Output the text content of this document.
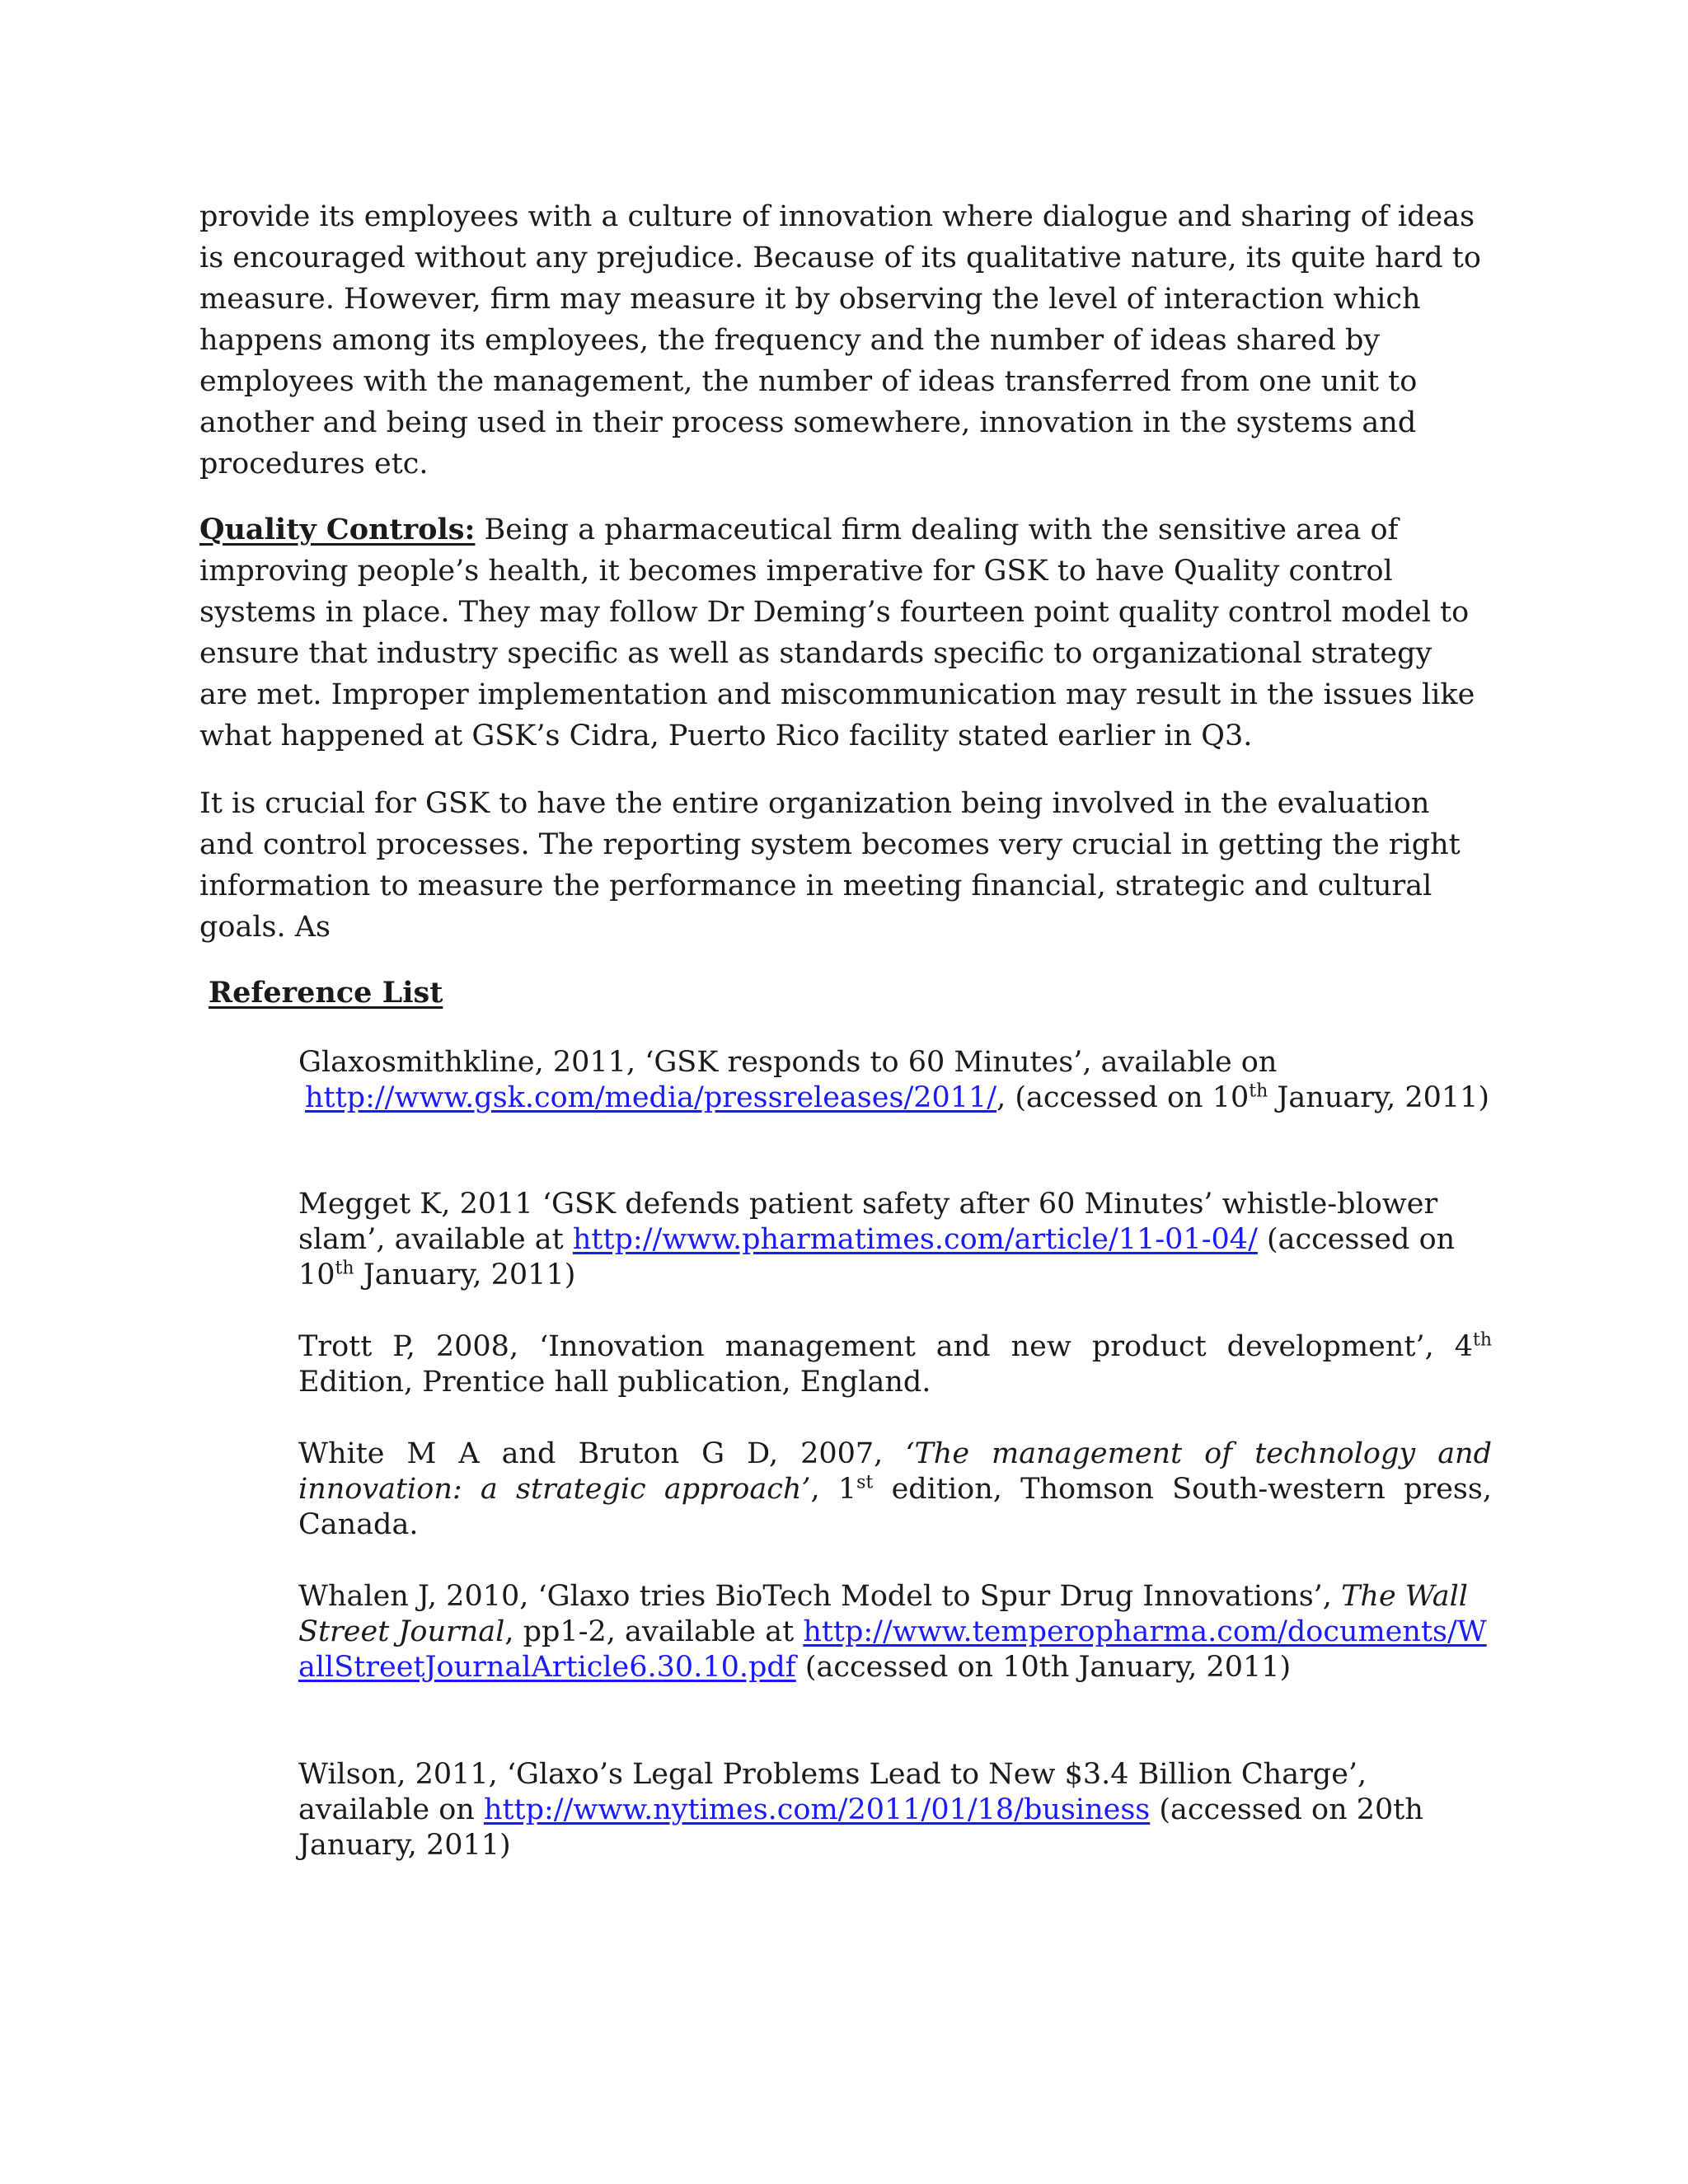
provide its employees with a culture of innovation where dialogue and sharing of ideas is encouraged without any prejudice. Because of its qualitative nature, its quite hard to measure. However, firm may measure it by observing the level of interaction which happens among its employees, the frequency and the number of ideas shared by employees with the management, the number of ideas transferred from one unit to another and being used in their process somewhere, innovation in the systems and procedures etc.

Quality Controls: Being a pharmaceutical firm dealing with the sensitive area of improving people’s health, it becomes imperative for GSK to have Quality control systems in place. They may follow Dr Deming’s fourteen point quality control model to ensure that industry specific as well as standards specific to organizational strategy are met. Improper implementation and miscommunication may result in the issues like what happened at GSK’s Cidra, Puerto Rico facility stated earlier in Q3.

It is crucial for GSK to have the entire organization being involved in the evaluation and control processes. The reporting system becomes very crucial in getting the right information to measure the performance in meeting financial, strategic and cultural goals. As

Reference List

Glaxosmithkline, 2011, ‘GSK responds to 60 Minutes’, available on
http://www.gsk.com/media/pressreleases/2011/, (accessed on 10th January, 2011)

Megget K, 2011 ‘GSK defends patient safety after 60 Minutes’ whistle-blower slam’, available at http://www.pharmatimes.com/article/11-01-04/ (accessed on 10th January, 2011)

Trott P, 2008, ‘Innovation management and new product development’, 4th Edition, Prentice hall publication, England.

White M A and Bruton G D, 2007, ‘The management of technology and innovation: a strategic approach’, 1st edition, Thomson South-western press, Canada.

Whalen J, 2010, ‘Glaxo tries BioTech Model to Spur Drug Innovations’, The Wall Street Journal, pp1-2, available at http://www.temperopharma.com/documents/WallStreetJournalArticle6.30.10.pdf (accessed on 10th January, 2011)

Wilson, 2011, ‘Glaxo’s Legal Problems Lead to New $3.4 Billion Charge’, available on http://www.nytimes.com/2011/01/18/business (accessed on 20th January, 2011)
